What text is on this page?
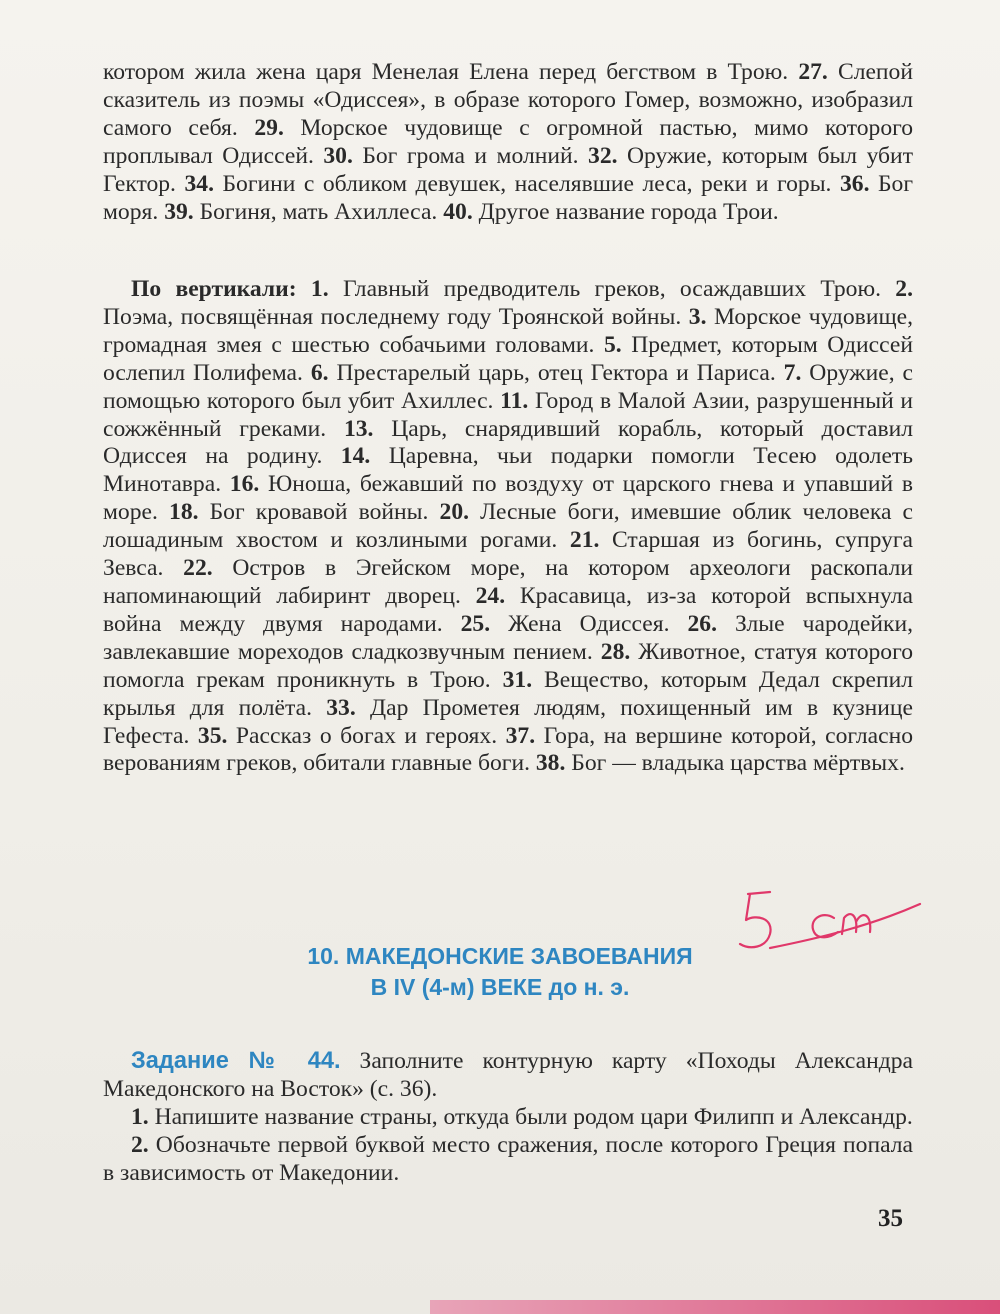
котором жила жена царя Менелая Елена перед бегством в Трою. 27. Слепой сказитель из поэмы «Одиссея», в образе которого Гомер, возможно, изобразил самого себя. 29. Морское чудовище с огромной пастью, мимо которого проплывал Одиссей. 30. Бог грома и молний. 32. Оружие, которым был убит Гектор. 34. Богини с обликом девушек, населявшие леса, реки и горы. 36. Бог моря. 39. Богиня, мать Ахиллеса. 40. Другое название города Трои.
По вертикали: 1. Главный предводитель греков, осаждавших Трою. 2. Поэма, посвящённая последнему году Троянской войны. 3. Морское чудовище, громадная змея с шестью собачьими головами. 5. Предмет, которым Одиссей ослепил Полифема. 6. Престарелый царь, отец Гектора и Париса. 7. Оружие, с помощью которого был убит Ахиллес. 11. Город в Малой Азии, разрушенный и сожжённый греками. 13. Царь, снарядивший корабль, который доставил Одиссея на родину. 14. Царевна, чьи подарки помогли Тесею одолеть Минотавра. 16. Юноша, бежавший по воздуху от царского гнева и упавший в море. 18. Бог кровавой войны. 20. Лесные боги, имевшие облик человека с лошадиным хвостом и козлиными рогами. 21. Старшая из богинь, супруга Зевса. 22. Остров в Эгейском море, на котором археологи раскопали напоминающий лабиринт дворец. 24. Красавица, из-за которой вспыхнула война между двумя народами. 25. Жена Одиссея. 26. Злые чародейки, завлекавшие мореходов сладкозвучным пением. 28. Животное, статуя которого помогла грекам проникнуть в Трою. 31. Вещество, которым Дедал скрепил крылья для полёта. 33. Дар Прометея людям, похищенный им в кузнице Гефеста. 35. Рассказ о богах и героях. 37. Гора, на вершине которой, согласно верованиям греков, обитали главные боги. 38. Бог — владыка царства мёртвых.
10. МАКЕДОНСКИЕ ЗАВОЕВАНИЯ
В IV (4-м) ВЕКЕ до н. э.
Задание № 44. Заполните контурную карту «Походы Александра Македонского на Восток» (с. 36).
1. Напишите название страны, откуда были родом цари Филипп и Александр.
2. Обозначьте первой буквой место сражения, после которого Греция попала в зависимость от Македонии.
35
